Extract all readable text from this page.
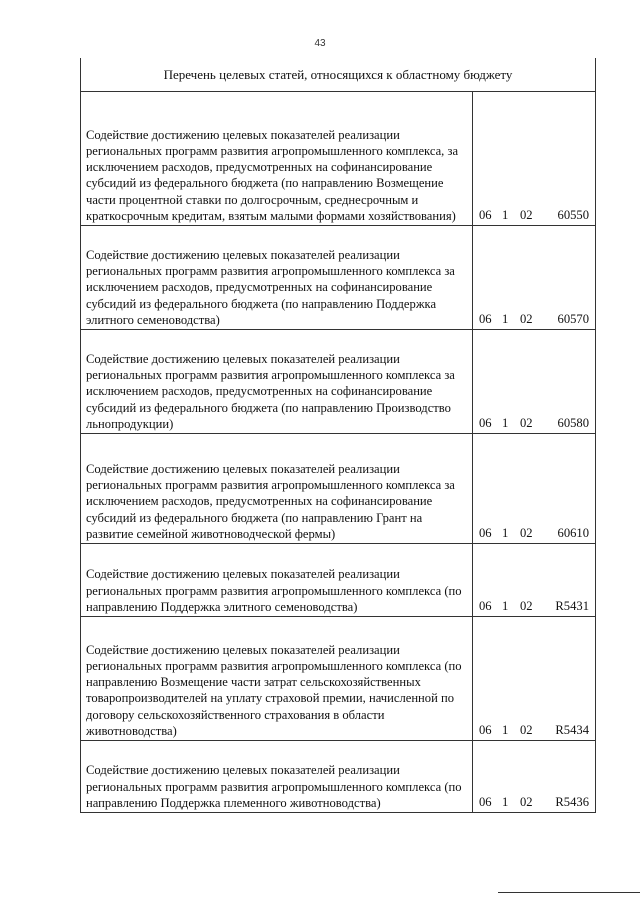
43
Перечень целевых статей, относящихся к областному бюджету
Содействие достижению целевых показателей реализации региональных программ развития агропромышленного комплекса, за исключением расходов, предусмотренных на софинансирование субсидий из федерального бюджета (по направлению Возмещение части процентной ставки по долгосрочным, среднесрочным и краткосрочным кредитам, взятым малыми формами хозяйствования)	06 1 02 60550
Содействие достижению целевых показателей реализации региональных программ развития агропромышленного комплекса за исключением расходов, предусмотренных на софинансирование субсидий из федерального бюджета (по направлению Поддержка элитного семеноводства)	06 1 02 60570
Содействие достижению целевых показателей реализации региональных программ развития агропромышленного комплекса за исключением расходов, предусмотренных на софинансирование субсидий из федерального бюджета (по направлению Производство льнопродукции)	06 1 02 60580
Содействие достижению целевых показателей реализации региональных программ развития агропромышленного комплекса за исключением расходов, предусмотренных на софинансирование субсидий из федерального бюджета (по направлению Грант на развитие семейной животноводческой фермы)	06 1 02 60610
Содействие достижению целевых показателей реализации региональных программ развития агропромышленного комплекса (по направлению Поддержка элитного семеноводства)	06 1 02 R5431
Содействие достижению целевых показателей реализации региональных программ развития агропромышленного комплекса (по направлению Возмещение части затрат сельскохозяйственных товаропроизводителей на уплату страховой премии, начисленной по договору сельскохозяйственного страхования в области животноводства)	06 1 02 R5434
Содействие достижению целевых показателей реализации региональных программ развития агропромышленного комплекса (по направлению Поддержка племенного животноводства)	06 1 02 R5436
